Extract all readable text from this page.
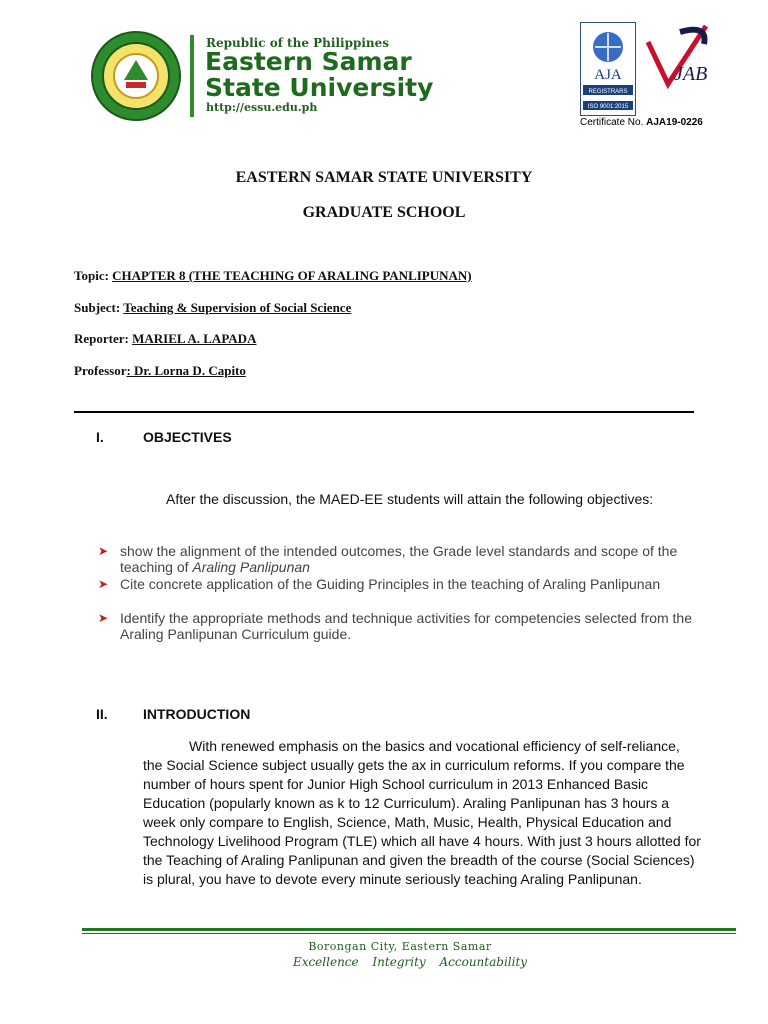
Republic of the Philippines
Eastern Samar
State University
http://essu.edu.ph
AJA
REGISTRARS
ISO 9001:2015
JAB
Certificate No. AJA19-0226
EASTERN SAMAR STATE UNIVERSITY
GRADUATE SCHOOL
Topic: CHAPTER 8 (THE TEACHING OF ARALING PANLIPUNAN)
Subject: Teaching & Supervision of Social Science
Reporter: MARIEL A. LAPADA
Professor: Dr. Lorna D. Capito
I.	OBJECTIVES
After the discussion, the MAED-EE students will attain the following objectives:
➤ show the alignment of the intended outcomes, the Grade level standards and scope of the teaching of Araling Panlipunan
➤ Cite concrete application of the Guiding Principles in the teaching of Araling Panlipunan
➤ Identify the appropriate methods and technique activities for competencies selected from the Araling Panlipunan Curriculum guide.
II.	INTRODUCTION
With renewed emphasis on the basics and vocational efficiency of self-reliance, the Social Science subject usually gets the ax in curriculum reforms. If you compare the number of hours spent for Junior High School curriculum in 2013 Enhanced Basic Education (popularly known as k to 12 Curriculum). Araling Panlipunan has 3 hours a week only compare to English, Science, Math, Music, Health, Physical Education and Technology Livelihood Program (TLE) which all have 4 hours. With just 3 hours allotted for the Teaching of Araling Panlipunan and given the breadth of the course (Social Sciences) is plural, you have to devote every minute seriously teaching Araling Panlipunan.
Borongan City, Eastern Samar
Excellence Integrity Accountability
